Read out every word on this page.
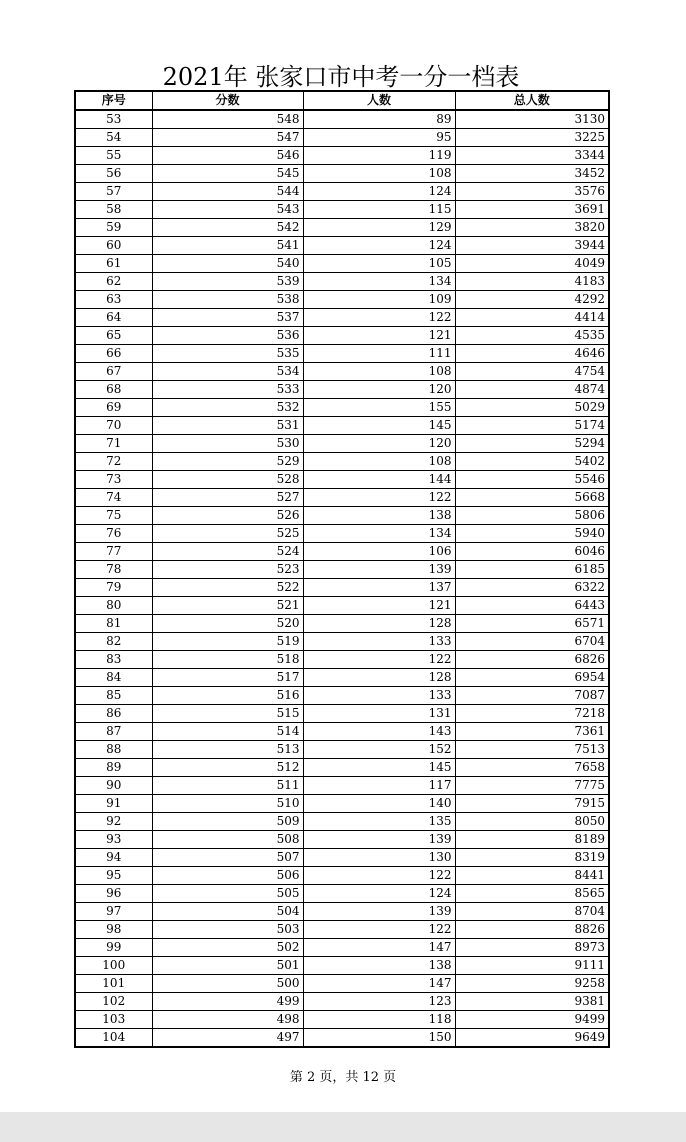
2021年 张家口市中考一分一档表
序号	分数	人数	总人数
53	548	89	3130
54	547	95	3225
55	546	119	3344
56	545	108	3452
57	544	124	3576
58	543	115	3691
59	542	129	3820
60	541	124	3944
61	540	105	4049
62	539	134	4183
63	538	109	4292
64	537	122	4414
65	536	121	4535
66	535	111	4646
67	534	108	4754
68	533	120	4874
69	532	155	5029
70	531	145	5174
71	530	120	5294
72	529	108	5402
73	528	144	5546
74	527	122	5668
75	526	138	5806
76	525	134	5940
77	524	106	6046
78	523	139	6185
79	522	137	6322
80	521	121	6443
81	520	128	6571
82	519	133	6704
83	518	122	6826
84	517	128	6954
85	516	133	7087
86	515	131	7218
87	514	143	7361
88	513	152	7513
89	512	145	7658
90	511	117	7775
91	510	140	7915
92	509	135	8050
93	508	139	8189
94	507	130	8319
95	506	122	8441
96	505	124	8565
97	504	139	8704
98	503	122	8826
99	502	147	8973
100	501	138	9111
101	500	147	9258
102	499	123	9381
103	498	118	9499
104	497	150	9649
第 2 页，共 12 页
